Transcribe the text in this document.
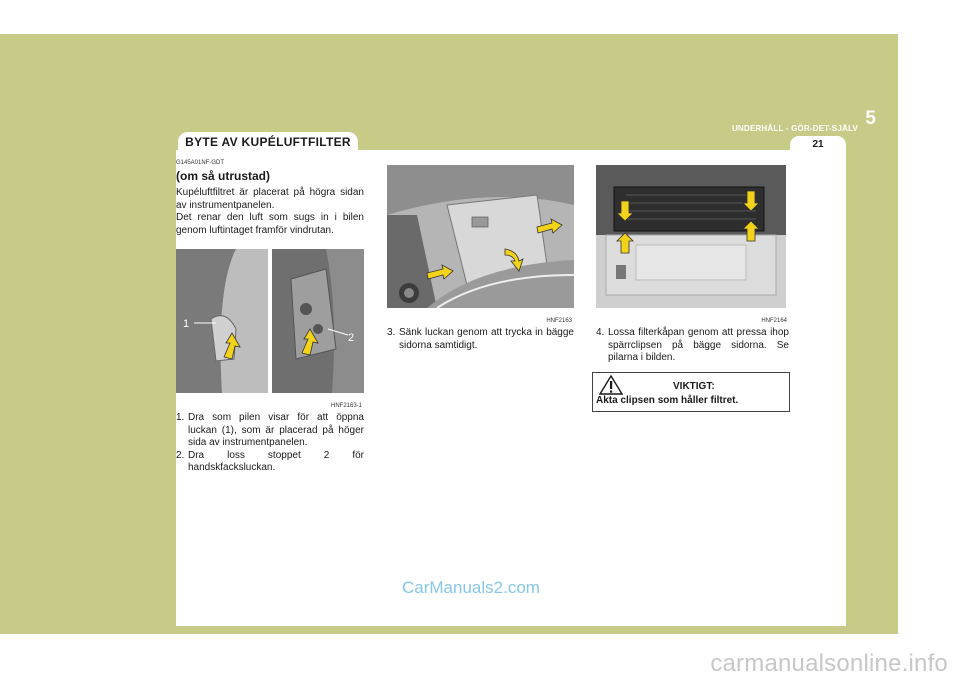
5
UNDERHÅLL - GÖR-DET-SJÄLV
BYTE AV KUPÉLUFTFILTER	21

G145A01NF-GDT

(om så utrustad)

Kupéluftfiltret är placerat på högra sidan av instrumentpanelen.

Det renar den luft som sugs in i bilen genom luftintaget framför vindrutan.

1
2
HNF2163-1
1. Dra som pilen visar för att öppna luckan (1), som är placerad på höger sida av instrumentpanelen.
2. Dra loss stoppet 2 för handskfacksluckan.
HNF2163
3. Sänk luckan genom att trycka in bägge sidorna samtidigt.
HNF2164
4. Lossa filterkåpan genom att pressa ihop spärrclipsen på bägge sidorna. Se pilarna i bilden.
VIKTIGT:
Akta clipsen som håller filtret.
CarManuals2.com
carmanualsonline.info
